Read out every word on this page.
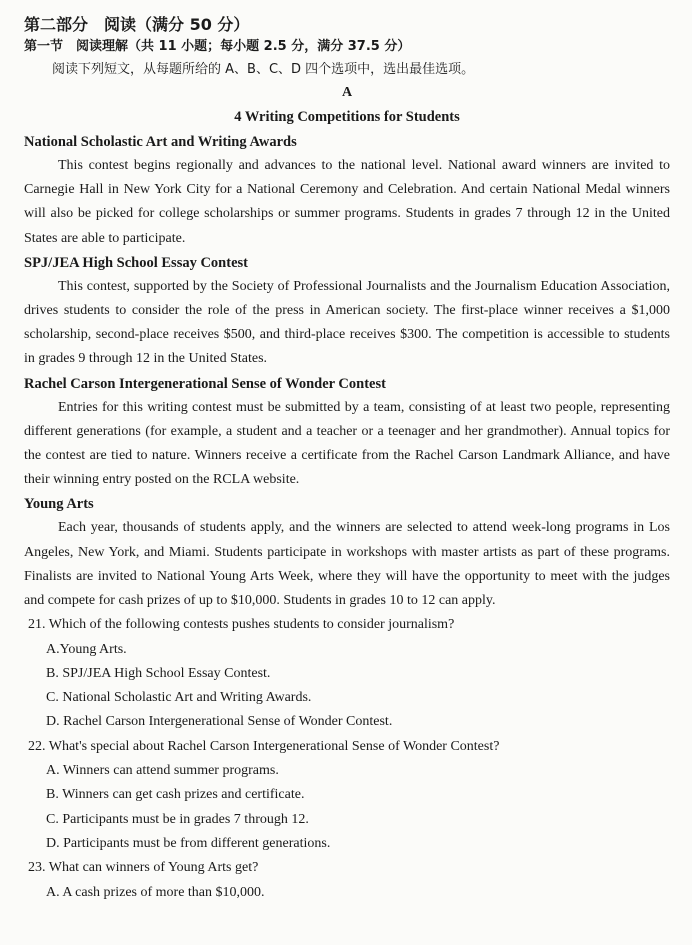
第二部分　阅读（满分 50 分）
第一节　阅读理解（共 11 小题；每小题 2.5 分，满分 37.5 分）
阅读下列短文，从每题所给的 A、B、C、D 四个选项中，选出最佳选项。
A
4 Writing Competitions for Students
National Scholastic Art and Writing Awards

This contest begins regionally and advances to the national level. National award winners are invited to Carnegie Hall in New York City for a National Ceremony and Celebration. And certain National Medal winners will also be picked for college scholarships or summer programs. Students in grades 7 through 12 in the United States are able to participate.

SPJ/JEA High School Essay Contest

This contest, supported by the Society of Professional Journalists and the Journalism Education Association, drives students to consider the role of the press in American society. The first-place winner receives a $1,000 scholarship, second-place receives $500, and third-place receives $300. The competition is accessible to students in grades 9 through 12 in the United States.

Rachel Carson Intergenerational Sense of Wonder Contest

Entries for this writing contest must be submitted by a team, consisting of at least two people, representing different generations (for example, a student and a teacher or a teenager and her grandmother). Annual topics for the contest are tied to nature. Winners receive a certificate from the Rachel Carson Landmark Alliance, and have their winning entry posted on the RCLA website.

Young Arts

Each year, thousands of students apply, and the winners are selected to attend week-long programs in Los Angeles, New York, and Miami. Students participate in workshops with master artists as part of these programs. Finalists are invited to National Young Arts Week, where they will have the opportunity to meet with the judges and compete for cash prizes of up to $10,000. Students in grades 10 to 12 can apply.

21. Which of the following contests pushes students to consider journalism?
A.Young Arts.
B. SPJ/JEA High School Essay Contest.
C. National Scholastic Art and Writing Awards.
D. Rachel Carson Intergenerational Sense of Wonder Contest.
22. What's special about Rachel Carson Intergenerational Sense of Wonder Contest?
A. Winners can attend summer programs.
B. Winners can get cash prizes and certificate.
C. Participants must be in grades 7 through 12.
D. Participants must be from different generations.
23. What can winners of Young Arts get?
A. A cash prizes of more than $10,000.
